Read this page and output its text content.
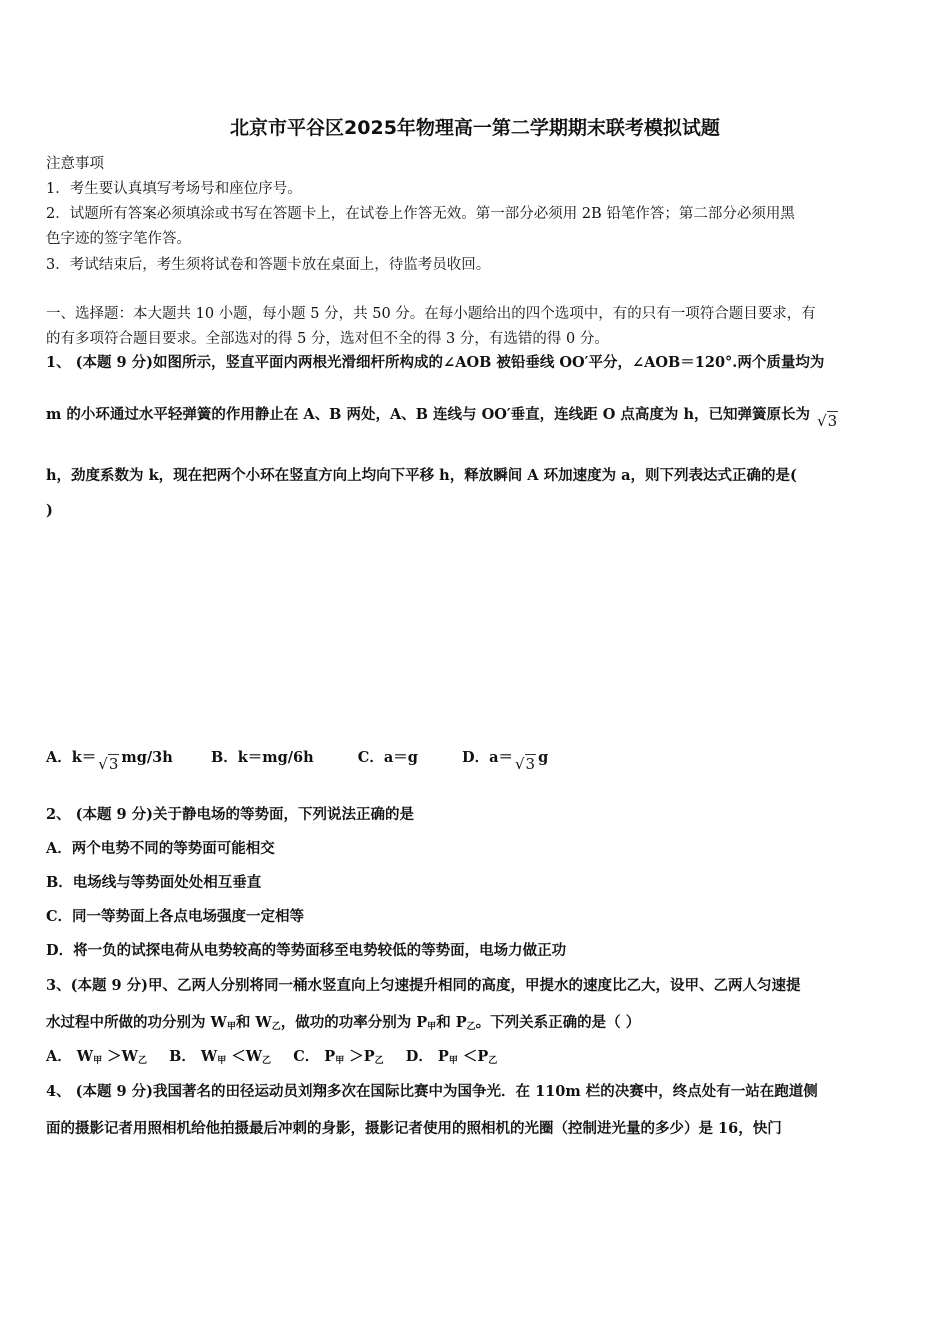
北京市平谷区2025年物理高一第二学期期末联考模拟试题
注意事项
1．考生要认真填写考场号和座位序号。
2．试题所有答案必须填涂或书写在答题卡上，在试卷上作答无效。第一部分必须用 2B 铅笔作答；第二部分必须用黑
色字迹的签字笔作答。
3．考试结束后，考生须将试卷和答题卡放在桌面上，待监考员收回。
一、选择题：本大题共 10 小题，每小题 5 分，共 50 分。在每小题给出的四个选项中，有的只有一项符合题目要求，有
的有多项符合题目要求。全部选对的得 5 分，选对但不全的得 3 分，有选错的得 0 分。
1、 (本题 9 分)如图所示，竖直平面内两根光滑细杆所构成的∠AOB 被铅垂线 OO′平分，∠AOB＝120°.两个质量均为
m 的小环通过水平轻弹簧的作用静止在 A、B 两处，A、B 连线与 OO′垂直，连线距 O 点高度为 h，已知弹簧原长为 √3
h，劲度系数为 k，现在把两个小环在竖直方向上均向下平移 h，释放瞬间 A 环加速度为 a，则下列表达式正确的是(
)
A．k＝ √3 mg/3h	B．k＝mg/6h	C．a＝g	D．a＝ √3 g
2、 (本题 9 分)关于静电场的等势面，下列说法正确的是
A．两个电势不同的等势面可能相交
B．电场线与等势面处处相互垂直
C．同一等势面上各点电场强度一定相等
D．将一负的试探电荷从电势较高的等势面移至电势较低的等势面，电场力做正功
3、(本题 9 分)甲、乙两人分别将同一桶水竖直向上匀速提升相同的高度，甲提水的速度比乙大，设甲、乙两人匀速提
水过程中所做的功分别为 $W_甲$和 $W_乙$，做功的功率分别为 $P_甲$和 $P_乙$。下列关系正确的是（ ）
A． $W_甲 >W_乙$ B． $W_甲 <W_乙$ C． $P_甲 >P_乙$ D． $P_甲 <P_乙$
4、 (本题 9 分)我国著名的田径运动员刘翔多次在国际比赛中为国争光．在 110m 栏的决赛中，终点处有一站在跑道侧
面的摄影记者用照相机给他拍摄最后冲刺的身影，摄影记者使用的照相机的光圈（控制进光量的多少）是 16，快门
